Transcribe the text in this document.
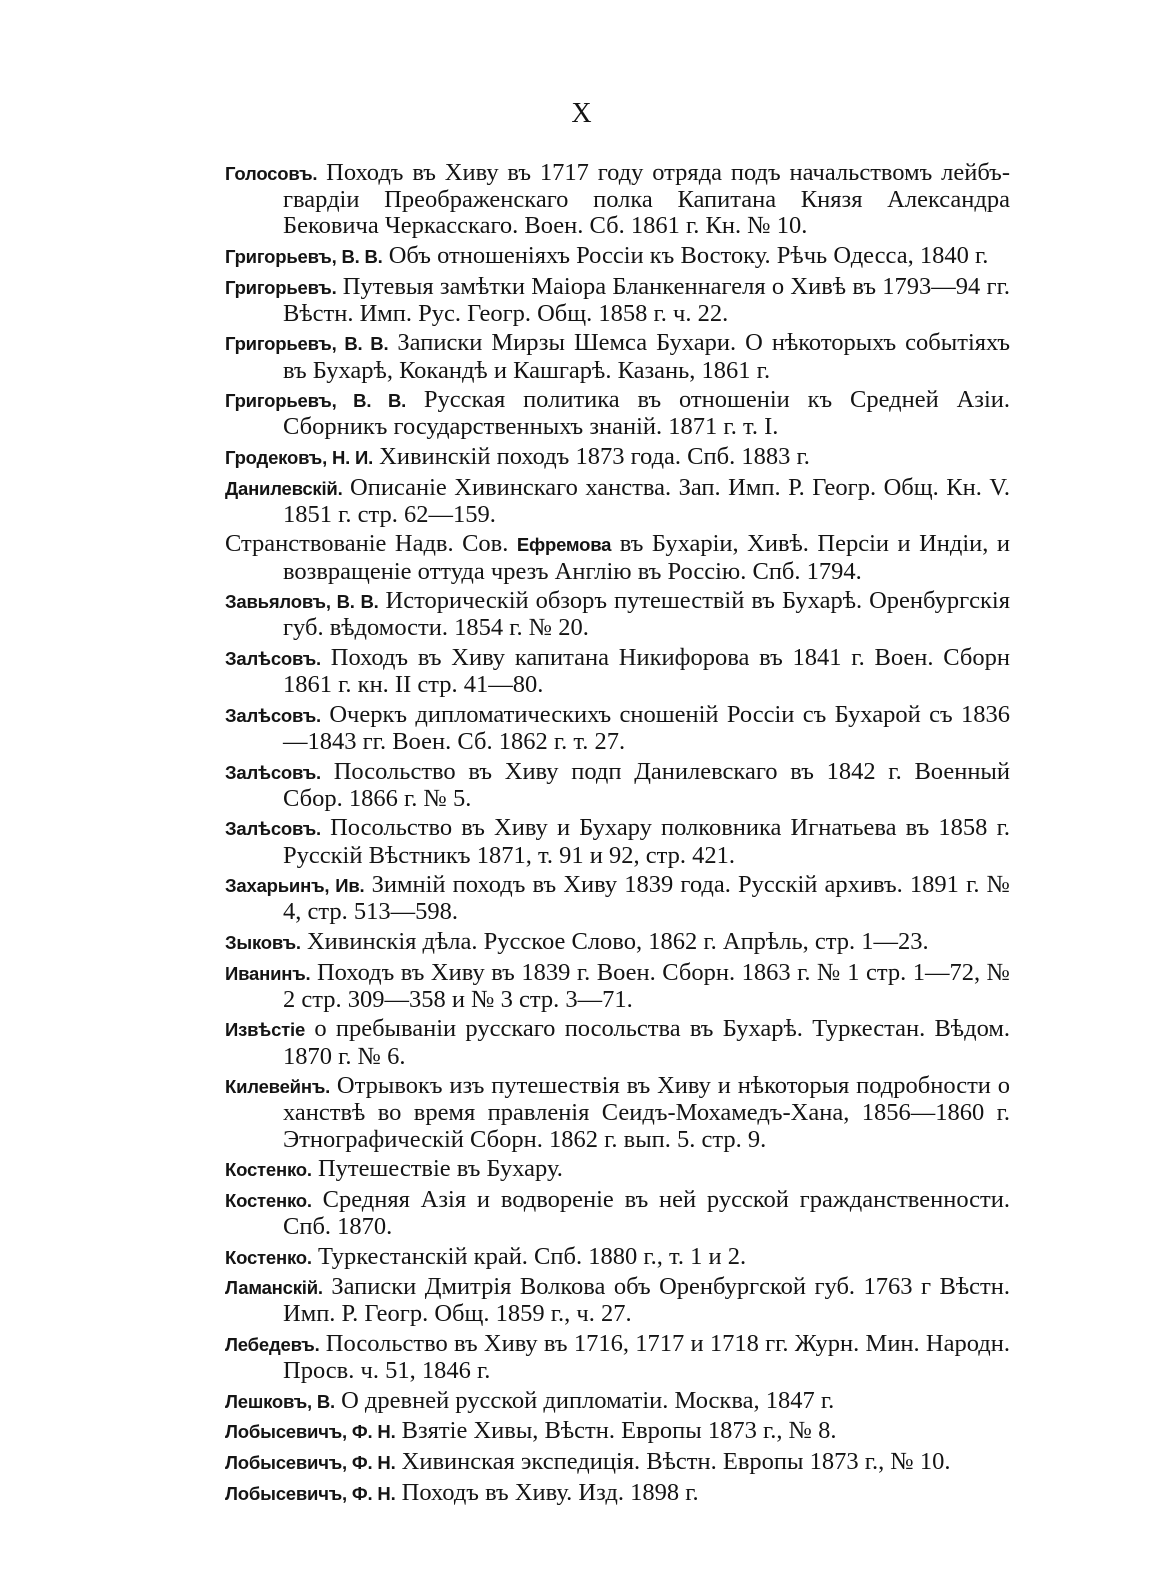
X

Голосовъ. Походъ въ Хиву въ 1717 году отряда подъ начальствомъ лейбъ-гвардіи Преображенскаго полка Капитана Князя Александра Бековича Черкасскаго. Воен. Сб. 1861 г. Кн. № 10.

Григорьевъ, В. В. Объ отношеніяхъ Россіи къ Востоку. Рѣчь Одесса, 1840 г.

Григорьевъ. Путевыя замѣтки Маіора Бланкеннагеля о Хивѣ въ 1793—94 гг. Вѣстн. Имп. Рус. Геогр. Общ. 1858 г. ч. 22.

Григорьевъ, В. В. Записки Мирзы Шемса Бухари. О нѣкоторыхъ событіяхъ въ Бухарѣ, Кокандѣ и Кашгарѣ. Казань, 1861 г.

Григорьевъ, В. В. Русская политика въ отношеніи къ Средней Азіи. Сборникъ государственныхъ знаній. 1871 г. т. I.

Гродековъ, Н. И. Хивинскій походъ 1873 года. Спб. 1883 г.

Данилевскій. Описаніе Хивинскаго ханства. Зап. Имп. Р. Геогр. Общ. Кн. V. 1851 г. стр. 62—159.

Странствованіе Надв. Сов. Ефремова въ Бухаріи, Хивѣ. Персіи и Индіи, и возвращеніе оттуда чрезъ Англію въ Россію. Спб. 1794.

Завьяловъ, В. В. Историческій обзоръ путешествій въ Бухарѣ. Оренбургскія губ. вѣдомости. 1854 г. № 20.

Залѣсовъ. Походъ въ Хиву капитана Никифорова въ 1841 г. Воен. Сборн 1861 г. кн. II стр. 41—80.

Залѣсовъ. Очеркъ дипломатическихъ сношеній Россіи съ Бухарой съ 1836—1843 гг. Воен. Сб. 1862 г. т. 27.

Залѣсовъ. Посольство въ Хиву подп Данилевскаго въ 1842 г. Военный Сбор. 1866 г. № 5.

Залѣсовъ. Посольство въ Хиву и Бухару полковника Игнатьева въ 1858 г. Русскій Вѣстникъ 1871, т. 91 и 92, стр. 421.

Захарьинъ, Ив. Зимній походъ въ Хиву 1839 года. Русскій архивъ. 1891 г. № 4, стр. 513—598.

Зыковъ. Хивинскія дѣла. Русское Слово, 1862 г. Апрѣль, стр. 1—23.

Иванинъ. Походъ въ Хиву въ 1839 г. Воен. Сборн. 1863 г. № 1 стр. 1—72, № 2 стр. 309—358 и № 3 стр. 3—71.

Извѣстіе о пребываніи русскаго посольства въ Бухарѣ. Туркестан. Вѣдом. 1870 г. № 6.

Килевейнъ. Отрывокъ изъ путешествія въ Хиву и нѣкоторыя подробности о ханствѣ во время правленія Сеидъ-Мохамедъ-Хана, 1856—1860 г. Этнографическій Сборн. 1862 г. вып. 5. стр. 9.

Костенко. Путешествіе въ Бухару.

Костенко. Средняя Азія и водвореніе въ ней русской гражданственности. Спб. 1870.

Костенко. Туркестанскій край. Спб. 1880 г., т. 1 и 2.

Ламанскій. Записки Дмитрія Волкова объ Оренбургской губ. 1763 г Вѣстн. Имп. Р. Геогр. Общ. 1859 г., ч. 27.

Лебедевъ. Посольство въ Хиву въ 1716, 1717 и 1718 гг. Журн. Мин. Народн. Просв. ч. 51, 1846 г.

Лешковъ, В. О древней русской дипломатіи. Москва, 1847 г.

Лобысевичъ, Ф. Н. Взятіе Хивы, Вѣстн. Европы 1873 г., № 8.

Лобысевичъ, Ф. Н. Хивинская экспедиція. Вѣстн. Европы 1873 г., № 10.

Лобысевичъ, Ф. Н. Походъ въ Хиву. Изд. 1898 г.
